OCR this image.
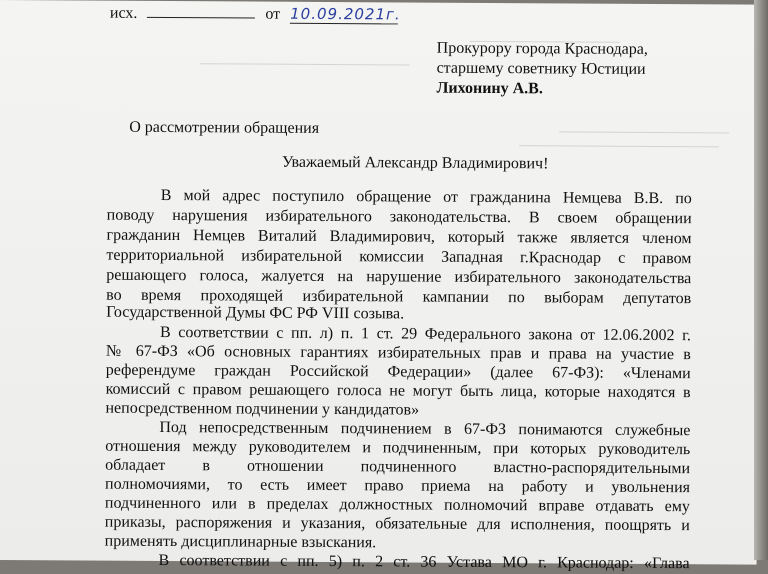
исх.	от 10.09.2021г.
Прокурору города Краснодара,
старшему советнику Юстиции
Лихонину А.В.
О рассмотрении обращения
Уважаемый Александр Владимирович!
В мой адрес поступило обращение от гражданина Немцева В.В. по
поводу нарушения избирательного законодательства. В своем обращении
гражданин Немцев Виталий Владимирович, который также является членом
территориальной избирательной комиссии Западная г.Краснодар с правом
решающего голоса, жалуется на нарушение избирательного законодательства
во время проходящей избирательной кампании по выборам депутатов
Государственной Думы ФС РФ VIII созыва.
В соответствии с пп. л) п. 1 ст. 29 Федерального закона от 12.06.2002 г.
№ 67-ФЗ «Об основных гарантиях избирательных прав и права на участие в
референдуме граждан Российской Федерации» (далее 67-ФЗ): «Членами
комиссий с правом решающего голоса не могут быть лица, которые находятся в
непосредственном подчинении у кандидатов»
Под непосредственным подчинением в 67-ФЗ понимаются служебные
отношения между руководителем и подчиненным, при которых руководитель
обладает в отношении подчиненного властно-распорядительными
полномочиями, то есть имеет право приема на работу и увольнения
подчиненного или в пределах должностных полномочий вправе отдавать ему
приказы, распоряжения и указания, обязательные для исполнения, поощрять и
применять дисциплинарные взыскания.
В соответствии с пп. 5) п. 2 ст. 36 Устава МО г. Краснодар: «Глава
